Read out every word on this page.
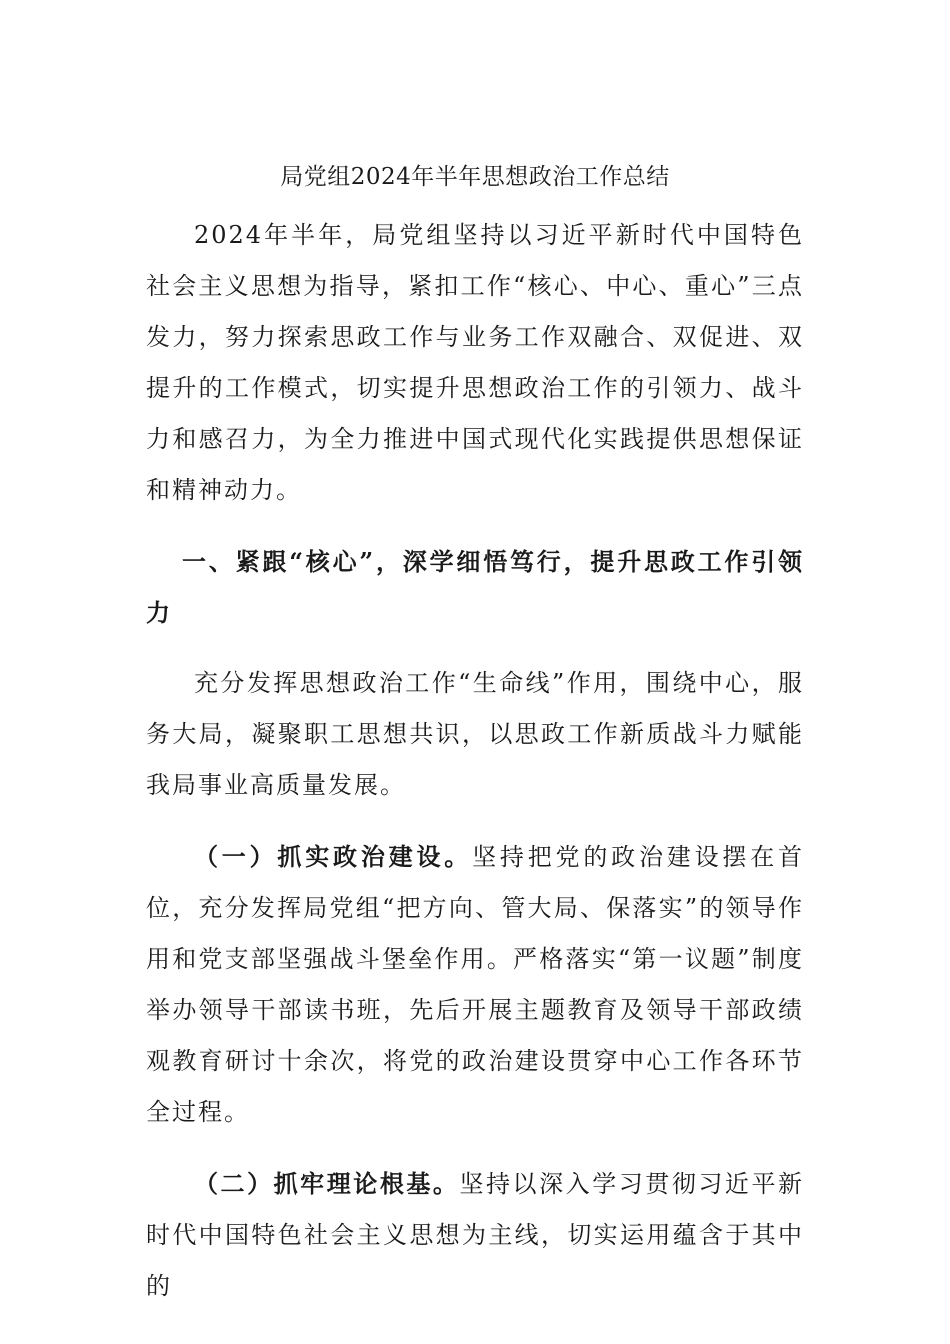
局党组2024年半年思想政治工作总结

2024年半年，局党组坚持以习近平新时代中国特色社会主义思想为指导，紧扣工作“核心、中心、重心”三点发力，努力探索思政工作与业务工作双融合、双促进、双提升的工作模式，切实提升思想政治工作的引领力、战斗力和感召力，为全力推进中国式现代化实践提供思想保证和精神动力。

一、紧跟“核心”，深学细悟笃行，提升思政工作引领力

充分发挥思想政治工作“生命线”作用，围绕中心，服务大局，凝聚职工思想共识，以思政工作新质战斗力赋能我局事业高质量发展。

（一）抓实政治建设。坚持把党的政治建设摆在首位，充分发挥局党组“把方向、管大局、保落实”的领导作用和党支部坚强战斗堡垒作用。严格落实“第一议题”制度举办领导干部读书班，先后开展主题教育及领导干部政绩观教育研讨十余次，将党的政治建设贯穿中心工作各环节全过程。

（二）抓牢理论根基。坚持以深入学习贯彻习近平新时代中国特色社会主义思想为主线，切实运用蕴含于其中的
